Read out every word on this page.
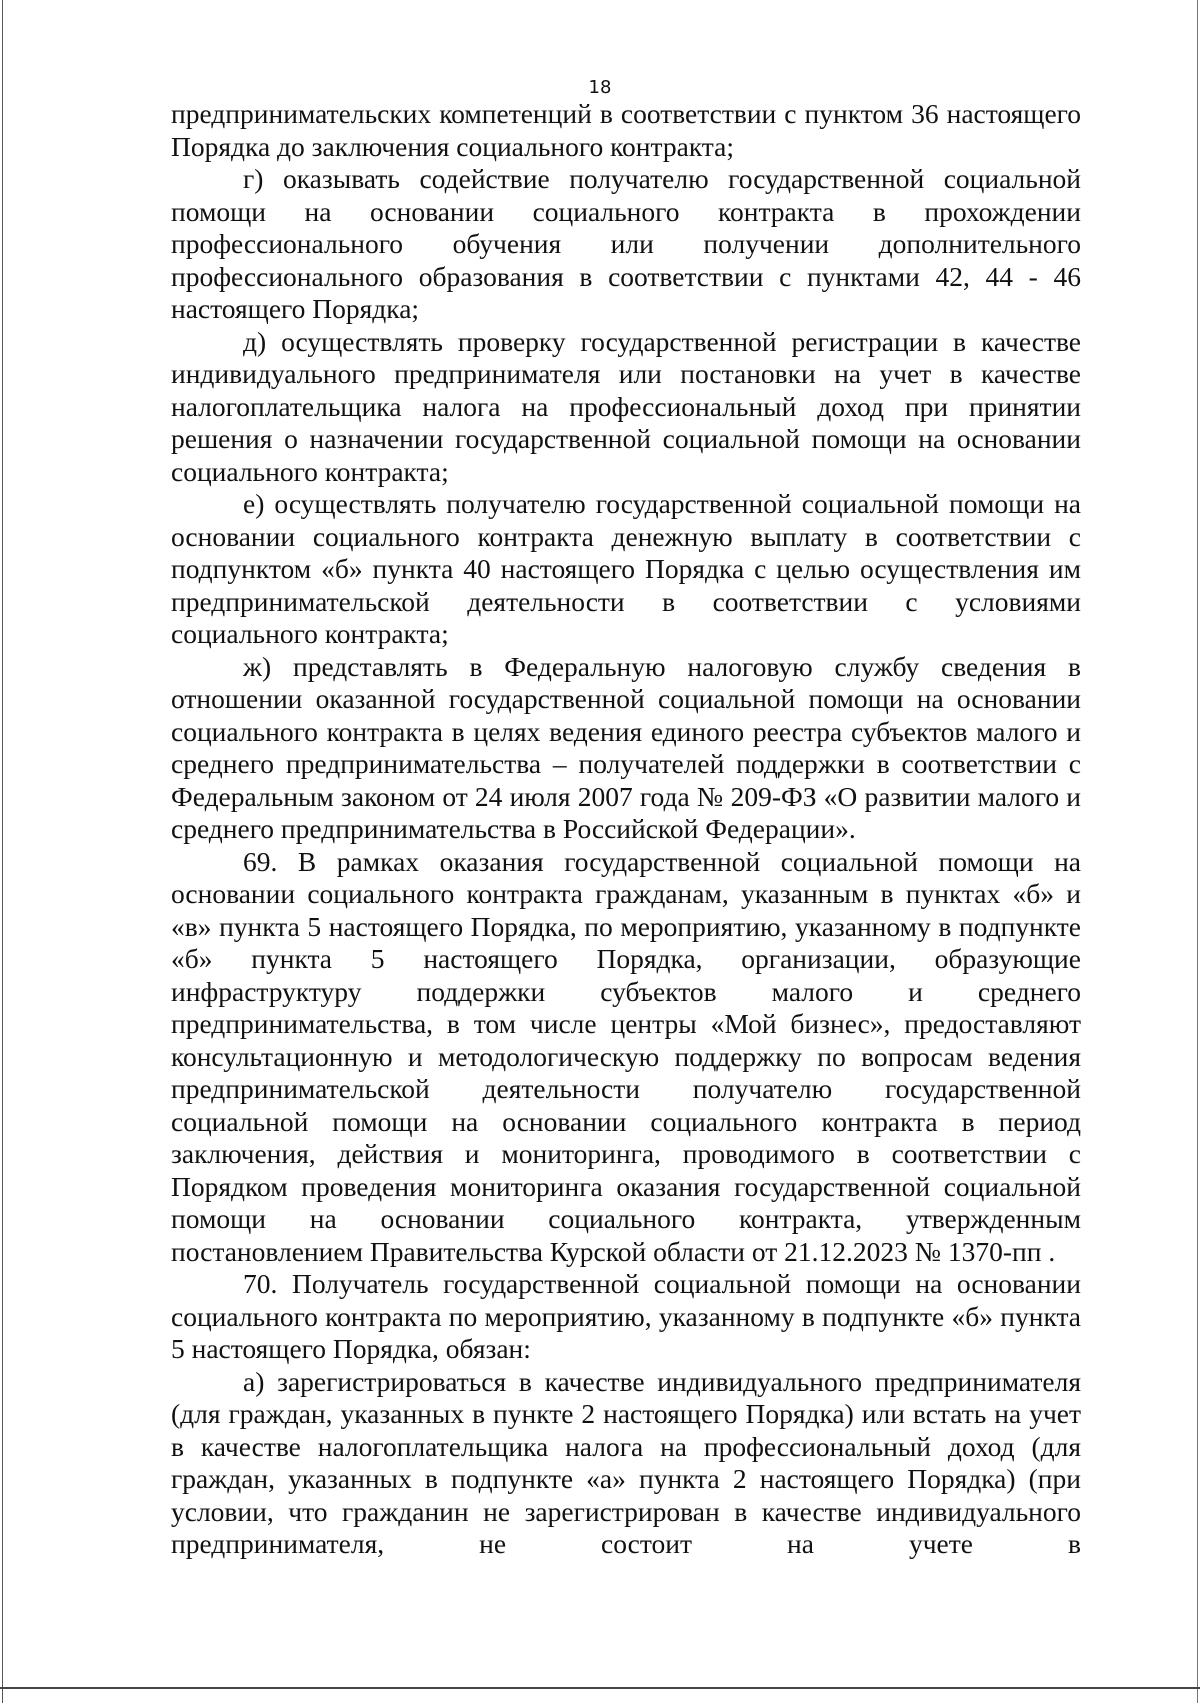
18

предпринимательских компетенций в соответствии с пунктом 36 настоящего Порядка до заключения социального контракта;

г) оказывать содействие получателю государственной социальной помощи на основании социального контракта в прохождении профессионального обучения или получении дополнительного профессионального образования в соответствии с пунктами 42, 44 - 46 настоящего Порядка;

д) осуществлять проверку государственной регистрации в качестве индивидуального предпринимателя или постановки на учет в качестве налогоплательщика налога на профессиональный доход при принятии решения о назначении государственной социальной помощи на основании социального контракта;

е) осуществлять получателю государственной социальной помощи на основании социального контракта денежную выплату в соответствии с подпунктом «б» пункта 40 настоящего Порядка с целью осуществления им предпринимательской деятельности в соответствии с условиями социального контракта;

ж) представлять в Федеральную налоговую службу сведения в отношении оказанной государственной социальной помощи на основании социального контракта в целях ведения единого реестра субъектов малого и среднего предпринимательства – получателей поддержки в соответствии с Федеральным законом от 24 июля 2007 года № 209-ФЗ «О развитии малого и среднего предпринимательства в Российской Федерации».

69. В рамках оказания государственной социальной помощи на основании социального контракта гражданам, указанным в пунктах «б» и «в» пункта 5 настоящего Порядка, по мероприятию, указанному в подпункте «б» пункта 5 настоящего Порядка, организации, образующие инфраструктуру поддержки субъектов малого и среднего предпринимательства, в том числе центры «Мой бизнес», предоставляют консультационную и методологическую поддержку по вопросам ведения предпринимательской деятельности получателю государственной социальной помощи на основании социального контракта в период заключения, действия и мониторинга, проводимого в соответствии с Порядком проведения мониторинга оказания государственной социальной помощи на основании социального контракта, утвержденным постановлением Правительства Курской области от 21.12.2023 № 1370-пп .

70. Получатель государственной социальной помощи на основании социального контракта по мероприятию, указанному в подпункте «б» пункта 5 настоящего Порядка, обязан:

а) зарегистрироваться в качестве индивидуального предпринимателя (для граждан, указанных в пункте 2 настоящего Порядка) или встать на учет в качестве налогоплательщика налога на профессиональный доход (для граждан, указанных в подпункте «а» пункта 2 настоящего Порядка) (при условии, что гражданин не зарегистрирован в качестве индивидуального предпринимателя, не состоит на учете в
